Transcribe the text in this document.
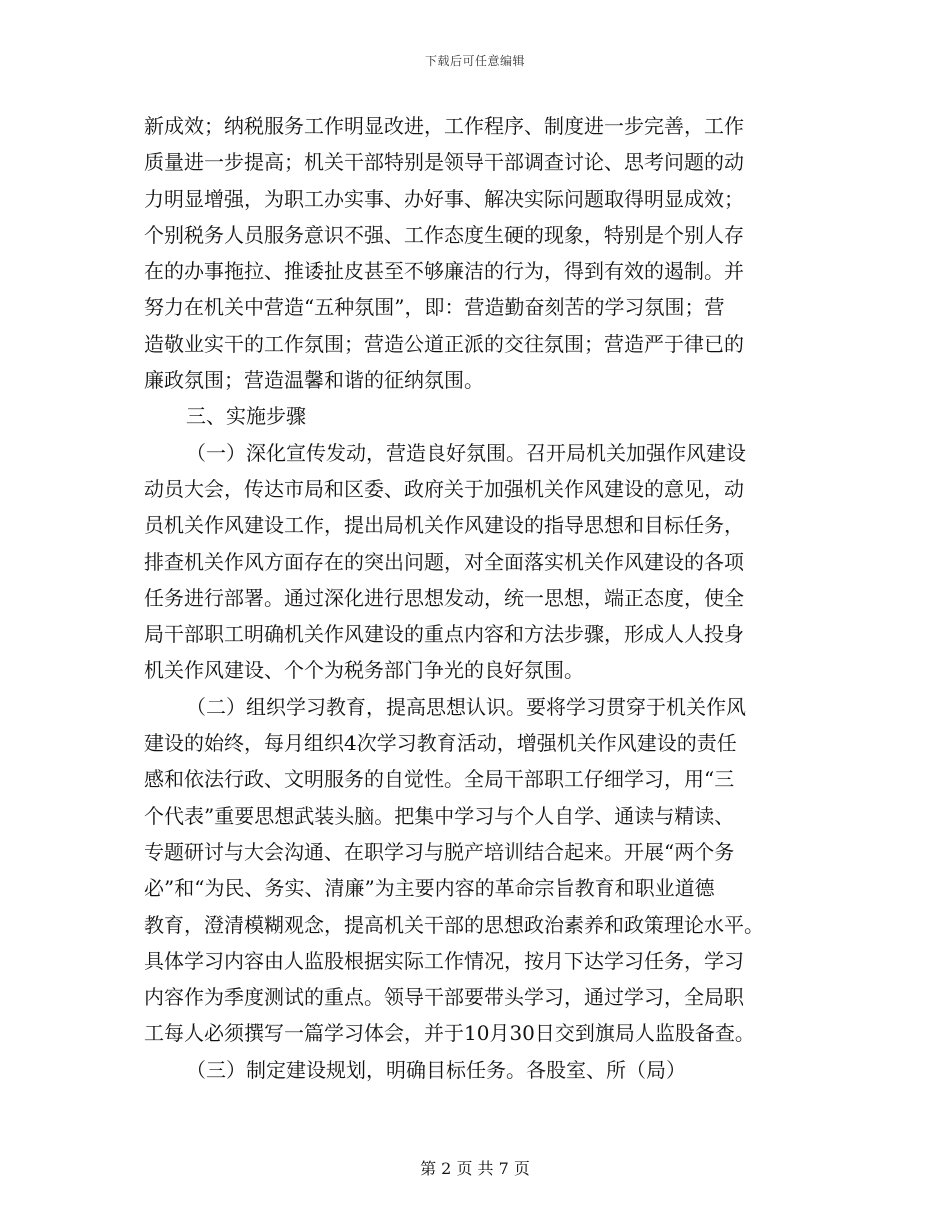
下载后可任意编辑
新成效；纳税服务工作明显改进，工作程序、制度进一步完善，工作
质量进一步提高；机关干部特别是领导干部调查讨论、思考问题的动
力明显增强，为职工办实事、办好事、解决实际问题取得明显成效；
个别税务人员服务意识不强、工作态度生硬的现象，特别是个别人存
在的办事拖拉、推诿扯皮甚至不够廉洁的行为，得到有效的遏制。并
努力在机关中营造“五种氛围”，即：营造勤奋刻苦的学习氛围；营
造敬业实干的工作氛围；营造公道正派的交往氛围；营造严于律已的
廉政氛围；营造温馨和谐的征纳氛围。
三、实施步骤
（一）深化宣传发动，营造良好氛围。召开局机关加强作风建设
动员大会，传达市局和区委、政府关于加强机关作风建设的意见，动
员机关作风建设工作，提出局机关作风建设的指导思想和目标任务，
排查机关作风方面存在的突出问题，对全面落实机关作风建设的各项
任务进行部署。通过深化进行思想发动，统一思想，端正态度，使全
局干部职工明确机关作风建设的重点内容和方法步骤，形成人人投身
机关作风建设、个个为税务部门争光的良好氛围。
（二）组织学习教育，提高思想认识。要将学习贯穿于机关作风
建设的始终，每月组织4次学习教育活动，增强机关作风建设的责任
感和依法行政、文明服务的自觉性。全局干部职工仔细学习，用“三
个代表”重要思想武装头脑。把集中学习与个人自学、通读与精读、
专题研讨与大会沟通、在职学习与脱产培训结合起来。开展“两个务
必”和“为民、务实、清廉”为主要内容的革命宗旨教育和职业道德
教育，澄清模糊观念，提高机关干部的思想政治素养和政策理论水平。
具体学习内容由人监股根据实际工作情况，按月下达学习任务，学习
内容作为季度测试的重点。领导干部要带头学习，通过学习，全局职
工每人必须撰写一篇学习体会，并于10月30日交到旗局人监股备查。
（三）制定建设规划，明确目标任务。各股室、所（局）
第 2 页 共 7 页
